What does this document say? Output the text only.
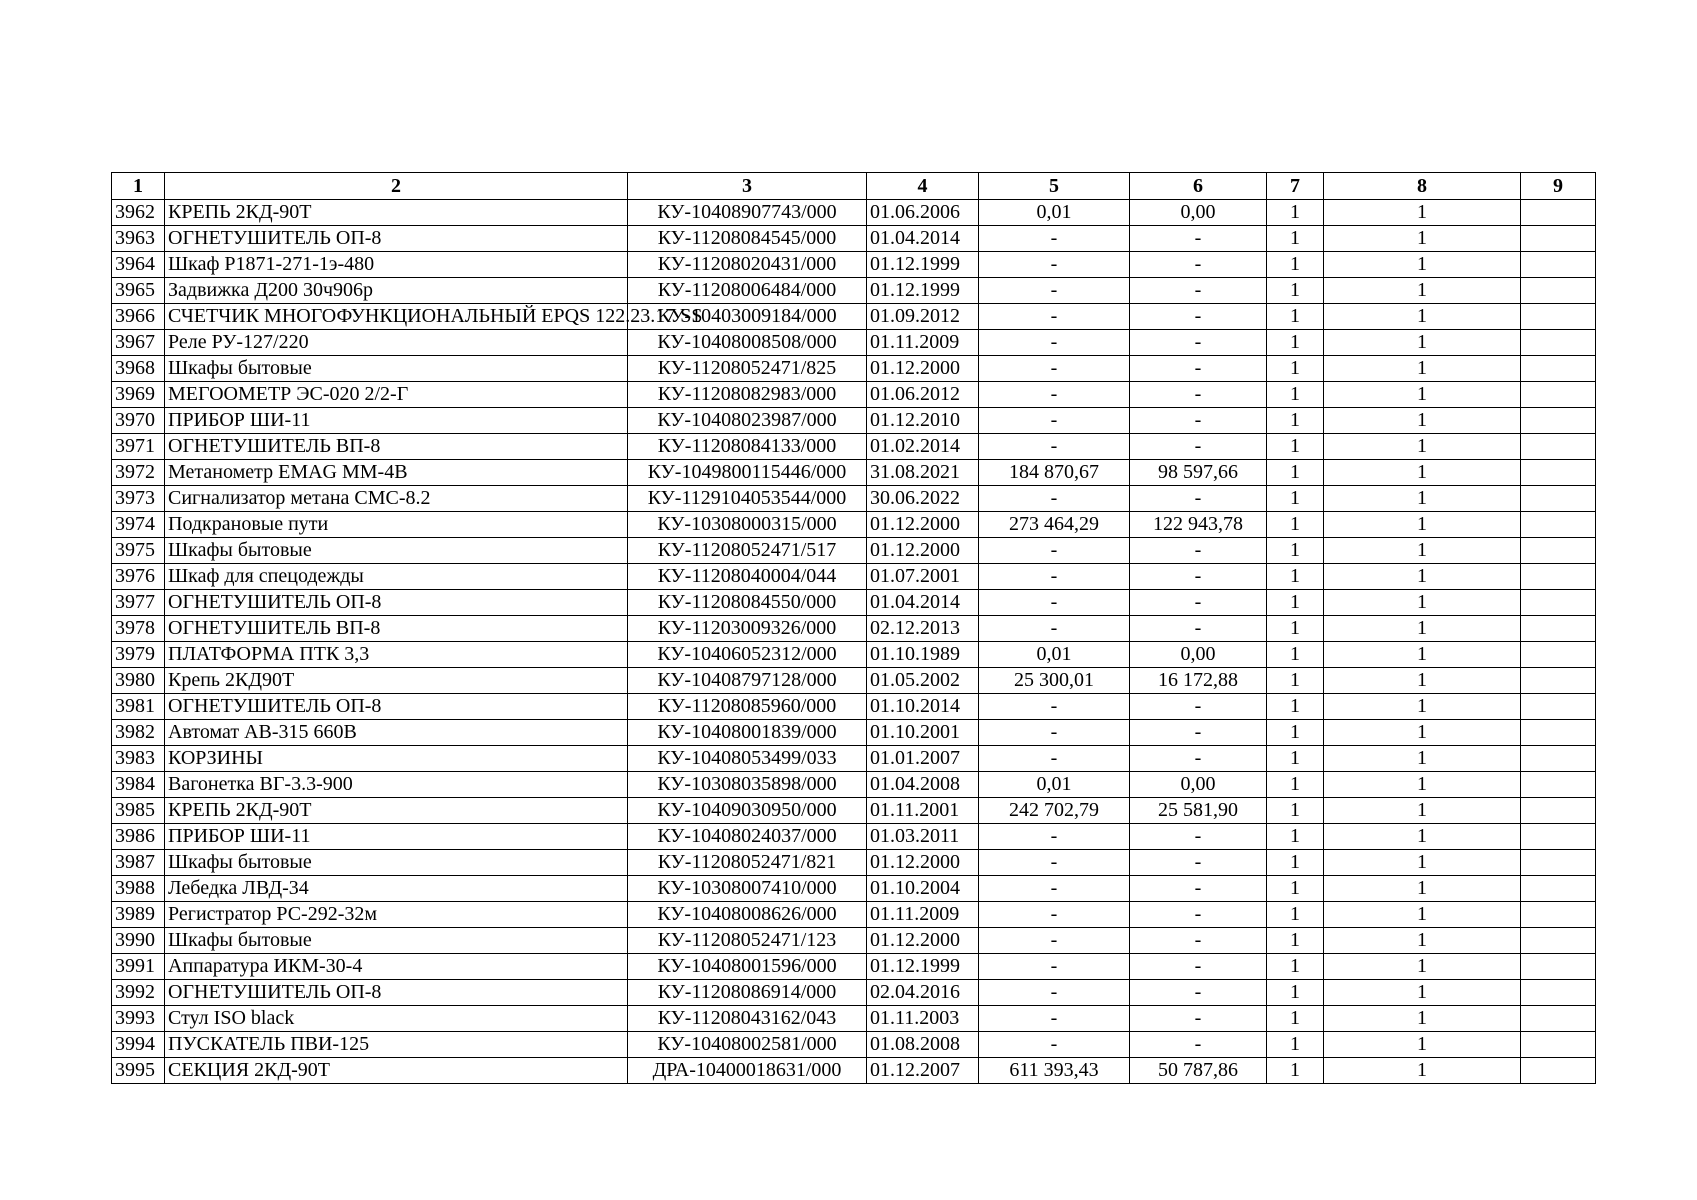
1	2	3	4	5	6	7	8	9
3962	КРЕПЬ 2КД-90Т	КУ-10408907743/000	01.06.2006	0,01	0,00	1	1	
3963	ОГНЕТУШИТЕЛЬ ОП-8	КУ-11208084545/000	01.04.2014	-	-	1	1	
3964	Шкаф Р1871-271-1э-480	КУ-11208020431/000	01.12.1999	-	-	1	1	
3965	Задвижка Д200 30ч906р	КУ-11208006484/000	01.12.1999	-	-	1	1	
3966	СЧЕТЧИК МНОГОФУНКЦИОНАЛЬНЫЙ EPQS 122.23.17 SS	КУ-10403009184/000	01.09.2012	-	-	1	1	
3967	Реле РУ-127/220	КУ-10408008508/000	01.11.2009	-	-	1	1	
3968	Шкафы бытовые	КУ-11208052471/825	01.12.2000	-	-	1	1	
3969	МЕГООМЕТР ЭС-020 2/2-Г	КУ-11208082983/000	01.06.2012	-	-	1	1	
3970	ПРИБОР ШИ-11	КУ-10408023987/000	01.12.2010	-	-	1	1	
3971	ОГНЕТУШИТЕЛЬ ВП-8	КУ-11208084133/000	01.02.2014	-	-	1	1	
3972	Метанометр EMAG MM-4B	КУ-1049800115446/000	31.08.2021	184 870,67	98 597,66	1	1	
3973	Сигнализатор метана СМС-8.2	КУ-1129104053544/000	30.06.2022	-	-	1	1	
3974	Подкрановые пути	КУ-10308000315/000	01.12.2000	273 464,29	122 943,78	1	1	
3975	Шкафы бытовые	КУ-11208052471/517	01.12.2000	-	-	1	1	
3976	Шкаф для спецодежды	КУ-11208040004/044	01.07.2001	-	-	1	1	
3977	ОГНЕТУШИТЕЛЬ ОП-8	КУ-11208084550/000	01.04.2014	-	-	1	1	
3978	ОГНЕТУШИТЕЛЬ ВП-8	КУ-11203009326/000	02.12.2013	-	-	1	1	
3979	ПЛАТФОРМА ПТК 3,3	КУ-10406052312/000	01.10.1989	0,01	0,00	1	1	
3980	Крепь 2КД90Т	КУ-10408797128/000	01.05.2002	25 300,01	16 172,88	1	1	
3981	ОГНЕТУШИТЕЛЬ ОП-8	КУ-11208085960/000	01.10.2014	-	-	1	1	
3982	Автомат АВ-315 660В	КУ-10408001839/000	01.10.2001	-	-	1	1	
3983	КОРЗИНЫ	КУ-10408053499/033	01.01.2007	-	-	1	1	
3984	Вагонетка ВГ-3.3-900	КУ-10308035898/000	01.04.2008	0,01	0,00	1	1	
3985	КРЕПЬ 2КД-90Т	КУ-10409030950/000	01.11.2001	242 702,79	25 581,90	1	1	
3986	ПРИБОР ШИ-11	КУ-10408024037/000	01.03.2011	-	-	1	1	
3987	Шкафы бытовые	КУ-11208052471/821	01.12.2000	-	-	1	1	
3988	Лебедка ЛВД-34	КУ-10308007410/000	01.10.2004	-	-	1	1	
3989	Регистратор РС-292-32м	КУ-10408008626/000	01.11.2009	-	-	1	1	
3990	Шкафы бытовые	КУ-11208052471/123	01.12.2000	-	-	1	1	
3991	Аппаратура ИКМ-30-4	КУ-10408001596/000	01.12.1999	-	-	1	1	
3992	ОГНЕТУШИТЕЛЬ ОП-8	КУ-11208086914/000	02.04.2016	-	-	1	1	
3993	Стул ISO black	КУ-11208043162/043	01.11.2003	-	-	1	1	
3994	ПУСКАТЕЛЬ ПВИ-125	КУ-10408002581/000	01.08.2008	-	-	1	1	
3995	СЕКЦИЯ 2КД-90Т	ДРА-10400018631/000	01.12.2007	611 393,43	50 787,86	1	1	
